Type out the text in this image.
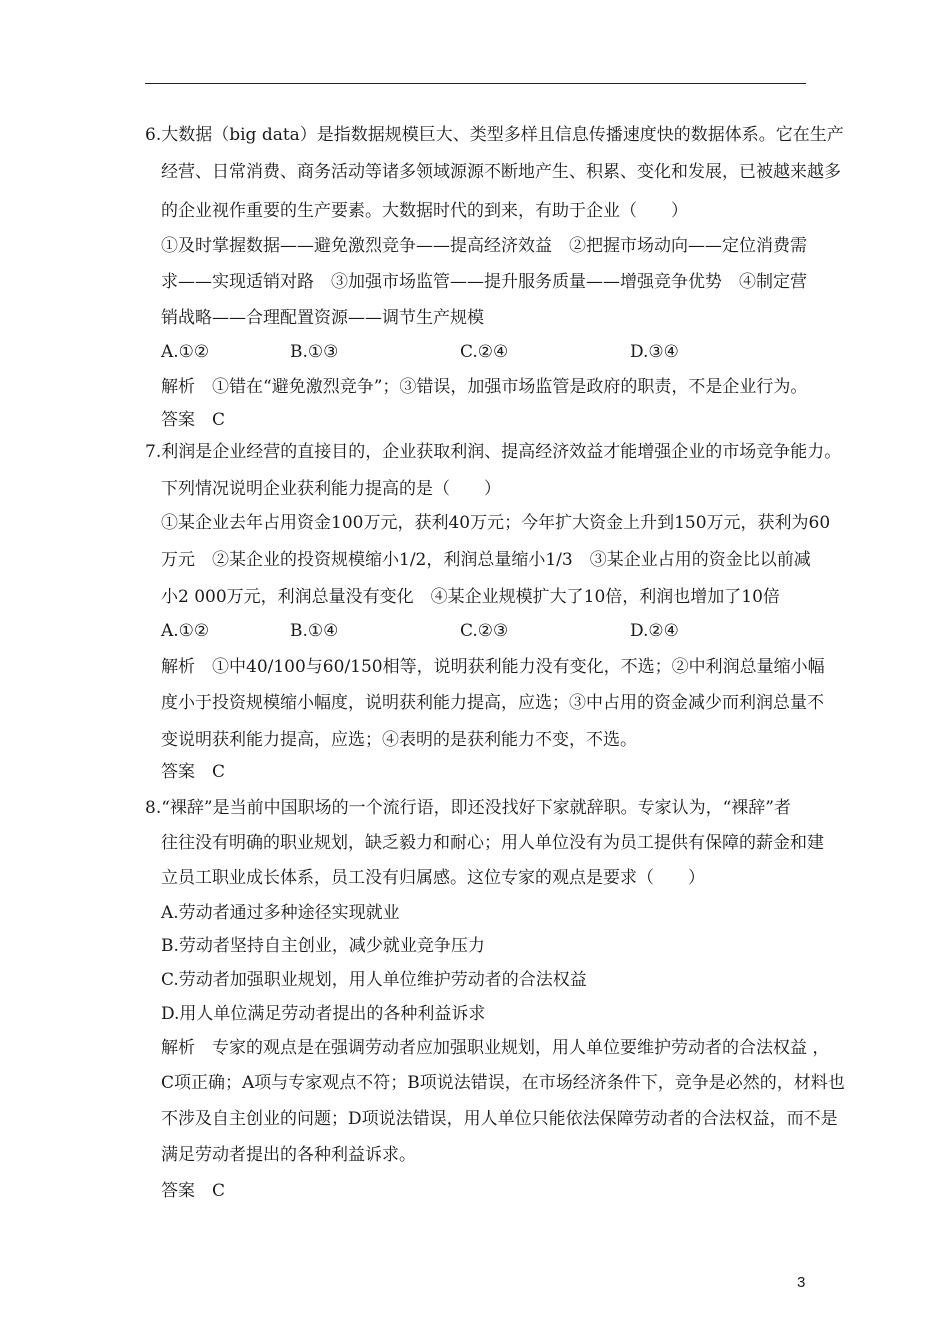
6.大数据（big data）是指数据规模巨大、类型多样且信息传播速度快的数据体系。它在生产
经营、日常消费、商务活动等诸多领域源源不断地产生、积累、变化和发展，已被越来越多
的企业视作重要的生产要素。大数据时代的到来，有助于企业（　　）
①及时掌握数据——避免激烈竞争——提高经济效益　②把握市场动向——定位消费需
求——实现适销对路　③加强市场监管——提升服务质量——增强竞争优势　④制定营
销战略——合理配置资源——调节生产规模
A.①②	B.①③	C.②④	D.③④
解析　①错在“避免激烈竞争”；③错误，加强市场监管是政府的职责，不是企业行为。
答案　C
7.利润是企业经营的直接目的，企业获取利润、提高经济效益才能增强企业的市场竞争能力。
下列情况说明企业获利能力提高的是（　　）
①某企业去年占用资金100万元，获利40万元；今年扩大资金上升到150万元，获利为60
万元　②某企业的投资规模缩小1/2，利润总量缩小1/3　③某企业占用的资金比以前减
小2 000万元，利润总量没有变化　④某企业规模扩大了10倍，利润也增加了10倍
A.①②	B.①④	C.②③	D.②④
解析　①中40/100与60/150相等，说明获利能力没有变化，不选；②中利润总量缩小幅
度小于投资规模缩小幅度，说明获利能力提高，应选；③中占用的资金减少而利润总量不
变说明获利能力提高，应选；④表明的是获利能力不变，不选。
答案　C
8.“裸辞”是当前中国职场的一个流行语，即还没找好下家就辞职。专家认为，“裸辞”者
往往没有明确的职业规划，缺乏毅力和耐心；用人单位没有为员工提供有保障的薪金和建
立员工职业成长体系，员工没有归属感。这位专家的观点是要求（　　）
A.劳动者通过多种途径实现就业
B.劳动者坚持自主创业，减少就业竞争压力
C.劳动者加强职业规划，用人单位维护劳动者的合法权益
D.用人单位满足劳动者提出的各种利益诉求
解析　专家的观点是在强调劳动者应加强职业规划，用人单位要维护劳动者的合法权益 ，
C项正确；A项与专家观点不符；B项说法错误，在市场经济条件下，竞争是必然的，材料也
不涉及自主创业的问题；D项说法错误，用人单位只能依法保障劳动者的合法权益，而不是
满足劳动者提出的各种利益诉求。
答案　C
3
